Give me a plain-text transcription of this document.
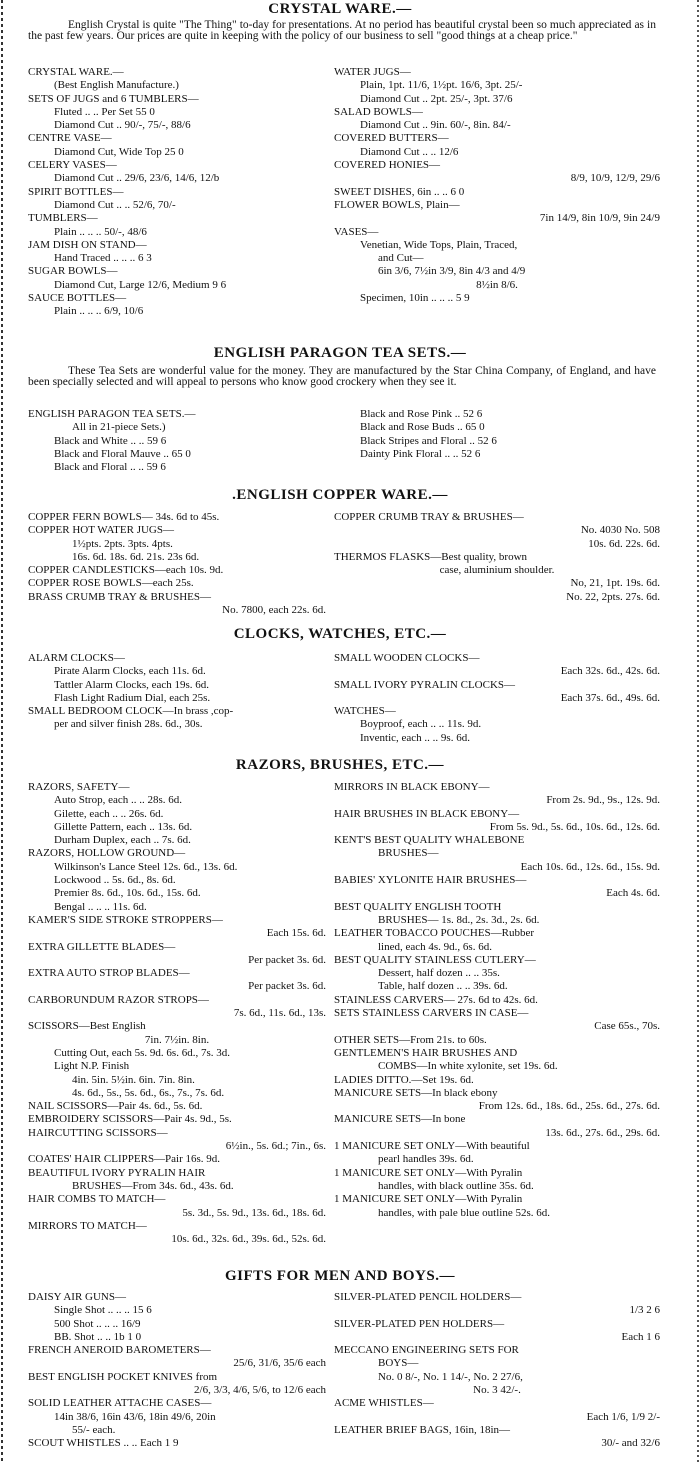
CRYSTAL WARE.—
English Crystal is quite "The Thing" to-day for presentations. At no period has beautiful crystal been so much appreciated as in the past few years. Our prices are quite in keeping with the policy of our business to sell "good things at a cheap price."
CRYSTAL WARE.—
(Best English Manufacture.)
SETS OF JUGS and 6 TUMBLERS—
Fluted .. .. Per Set 55 0
Diamond Cut .. 90/-, 75/-, 88/6
CENTRE VASE—
Diamond Cut, Wide Top 25 0
CELERY VASES—
Diamond Cut .. 29/6, 23/6, 14/6, 12/b
SPIRIT BOTTLES—
Diamond Cut .. .. 52/6, 70/-
TUMBLERS—
Plain .. .. .. 50/-, 48/6
JAM DISH ON STAND—
Hand Traced .. .. .. 6 3
SUGAR BOWLS—
Diamond Cut, Large 12/6, Medium 9 6
SAUCE BOTTLES—
Plain .. .. .. 6/9, 10/6
WATER JUGS—
Plain, 1pt. 11/6, 1½pt. 16/6, 3pt. 25/-
Diamond Cut .. 2pt. 25/-, 3pt. 37/6
SALAD BOWLS—
Diamond Cut .. 9in. 60/-, 8in. 84/-
COVERED BUTTERS—
Diamond Cut .. .. 12/6
COVERED HONIES—
8/9, 10/9, 12/9, 29/6
SWEET DISHES, 6in .. .. 6 0
FLOWER BOWLS, Plain—
7in 14/9, 8in 10/9, 9in 24/9
VASES—
Venetian, Wide Tops, Plain, Traced,
and Cut—
6in 3/6, 7½in 3/9, 8in 4/3 and 4/9
8½in 8/6.
Specimen, 10in .. .. .. 5 9
ENGLISH PARAGON TEA SETS.—
These Tea Sets are wonderful value for the money. They are manufactured by the Star China Company, of England, and have been specially selected and will appeal to persons who know good crockery when they see it.
ENGLISH PARAGON TEA SETS.—
All in 21-piece Sets.)
Black and White .. .. 59 6
Black and Floral Mauve .. 65 0
Black and Floral .. .. 59 6
Black and Rose Pink .. 52 6
Black and Rose Buds .. 65 0
Black Stripes and Floral .. 52 6
Dainty Pink Floral .. .. 52 6
.ENGLISH COPPER WARE.—
COPPER FERN BOWLS— 34s. 6d to 45s.
COPPER HOT WATER JUGS—
1½pts. 2pts. 3pts. 4pts.
16s. 6d. 18s. 6d. 21s. 23s 6d.
COPPER CANDLESTICKS—each 10s. 9d.
COPPER ROSE BOWLS—each 25s.
BRASS CRUMB TRAY & BRUSHES—
No. 7800, each 22s. 6d.
COPPER CRUMB TRAY & BRUSHES—
No. 4030 No. 508
10s. 6d. 22s. 6d.
THERMOS FLASKS—Best quality, brown
case, aluminium shoulder.
No, 21, 1pt. 19s. 6d.
No. 22, 2pts. 27s. 6d.
CLOCKS, WATCHES, ETC.—
ALARM CLOCKS—
Pirate Alarm Clocks, each 11s. 6d.
Tattler Alarm Clocks, each 19s. 6d.
Flash Light Radium Dial, each 25s.
SMALL BEDROOM CLOCK—In brass ,cop-
per and silver finish 28s. 6d., 30s.
SMALL WOODEN CLOCKS—
Each 32s. 6d., 42s. 6d.
SMALL IVORY PYRALIN CLOCKS—
Each 37s. 6d., 49s. 6d.
WATCHES—
Boyproof, each .. .. 11s. 9d.
Inventic, each .. .. 9s. 6d.
RAZORS, BRUSHES, ETC.—
RAZORS, SAFETY—
Auto Strop, each .. .. 28s. 6d.
Gilette, each .. .. 26s. 6d.
Gillette Pattern, each .. 13s. 6d.
Durham Duplex, each .. 7s. 6d.
RAZORS, HOLLOW GROUND—
Wilkinson's Lance Steel 12s. 6d., 13s. 6d.
Lockwood .. 5s. 6d., 8s. 6d.
Premier 8s. 6d., 10s. 6d., 15s. 6d.
Bengal .. .. .. 11s. 6d.
KAMER'S SIDE STROKE STROPPERS—
Each 15s. 6d.
EXTRA GILLETTE BLADES—
Per packet 3s. 6d.
EXTRA AUTO STROP BLADES—
Per packet 3s. 6d.
CARBORUNDUM RAZOR STROPS—
7s. 6d., 11s. 6d., 13s.
SCISSORS—Best English
7in. 7½in. 8in.
Cutting Out, each 5s. 9d. 6s. 6d., 7s. 3d.
Light N.P. Finish
4in. 5in. 5½in. 6in. 7in. 8in.
4s. 6d., 5s., 5s. 6d., 6s., 7s., 7s. 6d.
NAIL SCISSORS—Pair 4s. 6d., 5s. 6d.
EMBROIDERY SCISSORS—Pair 4s. 9d., 5s.
HAIRCUTTING SCISSORS—
6½in., 5s. 6d.; 7in., 6s.
COATES' HAIR CLIPPERS—Pair 16s. 9d.
BEAUTIFUL IVORY PYRALIN HAIR
BRUSHES—From 34s. 6d., 43s. 6d.
HAIR COMBS TO MATCH—
5s. 3d., 5s. 9d., 13s. 6d., 18s. 6d.
MIRRORS TO MATCH—
10s. 6d., 32s. 6d., 39s. 6d., 52s. 6d.
MIRRORS IN BLACK EBONY—
From 2s. 9d., 9s., 12s. 9d.
HAIR BRUSHES IN BLACK EBONY—
From 5s. 9d., 5s. 6d., 10s. 6d., 12s. 6d.
KENT'S BEST QUALITY WHALEBONE
BRUSHES—
Each 10s. 6d., 12s. 6d., 15s. 9d.
BABIES' XYLONITE HAIR BRUSHES—
Each 4s. 6d.
BEST QUALITY ENGLISH TOOTH
BRUSHES— 1s. 8d., 2s. 3d., 2s. 6d.
LEATHER TOBACCO POUCHES—Rubber
lined, each 4s. 9d., 6s. 6d.
BEST QUALITY STAINLESS CUTLERY—
Dessert, half dozen .. .. 35s.
Table, half dozen .. .. 39s. 6d.
STAINLESS CARVERS— 27s. 6d to 42s. 6d.
SETS STAINLESS CARVERS IN CASE—
Case 65s., 70s.
OTHER SETS—From 21s. to 60s.
GENTLEMEN'S HAIR BRUSHES AND
COMBS—In white xylonite, set 19s. 6d.
LADIES DITTO.—Set 19s. 6d.
MANICURE SETS—In black ebony
From 12s. 6d., 18s. 6d., 25s. 6d., 27s. 6d.
MANICURE SETS—In bone
13s. 6d., 27s. 6d., 29s. 6d.
1 MANICURE SET ONLY—With beautiful
pearl handles 39s. 6d.
1 MANICURE SET ONLY—With Pyralin
handles, with black outline 35s. 6d.
1 MANICURE SET ONLY—With Pyralin
handles, with pale blue outline 52s. 6d.
GIFTS FOR MEN AND BOYS.—
DAISY AIR GUNS—
Single Shot .. .. .. 15 6
500 Shot .. .. .. 16/9
BB. Shot .. .. 1b 1 0
FRENCH ANEROID BAROMETERS—
25/6, 31/6, 35/6 each
BEST ENGLISH POCKET KNIVES from
2/6, 3/3, 4/6, 5/6, to 12/6 each
SOLID LEATHER ATTACHE CASES—
14in 38/6, 16in 43/6, 18in 49/6, 20in
55/- each.
SCOUT WHISTLES .. .. Each 1 9
SILVER-PLATED PENCIL HOLDERS—
1/3 2 6
SILVER-PLATED PEN HOLDERS—
Each 1 6
MECCANO ENGINEERING SETS FOR
BOYS—
No. 0 8/-, No. 1 14/-, No. 2 27/6,
No. 3 42/-.
ACME WHISTLES—
Each 1/6, 1/9 2/-
LEATHER BRIEF BAGS, 16in, 18in—
30/- and 32/6
